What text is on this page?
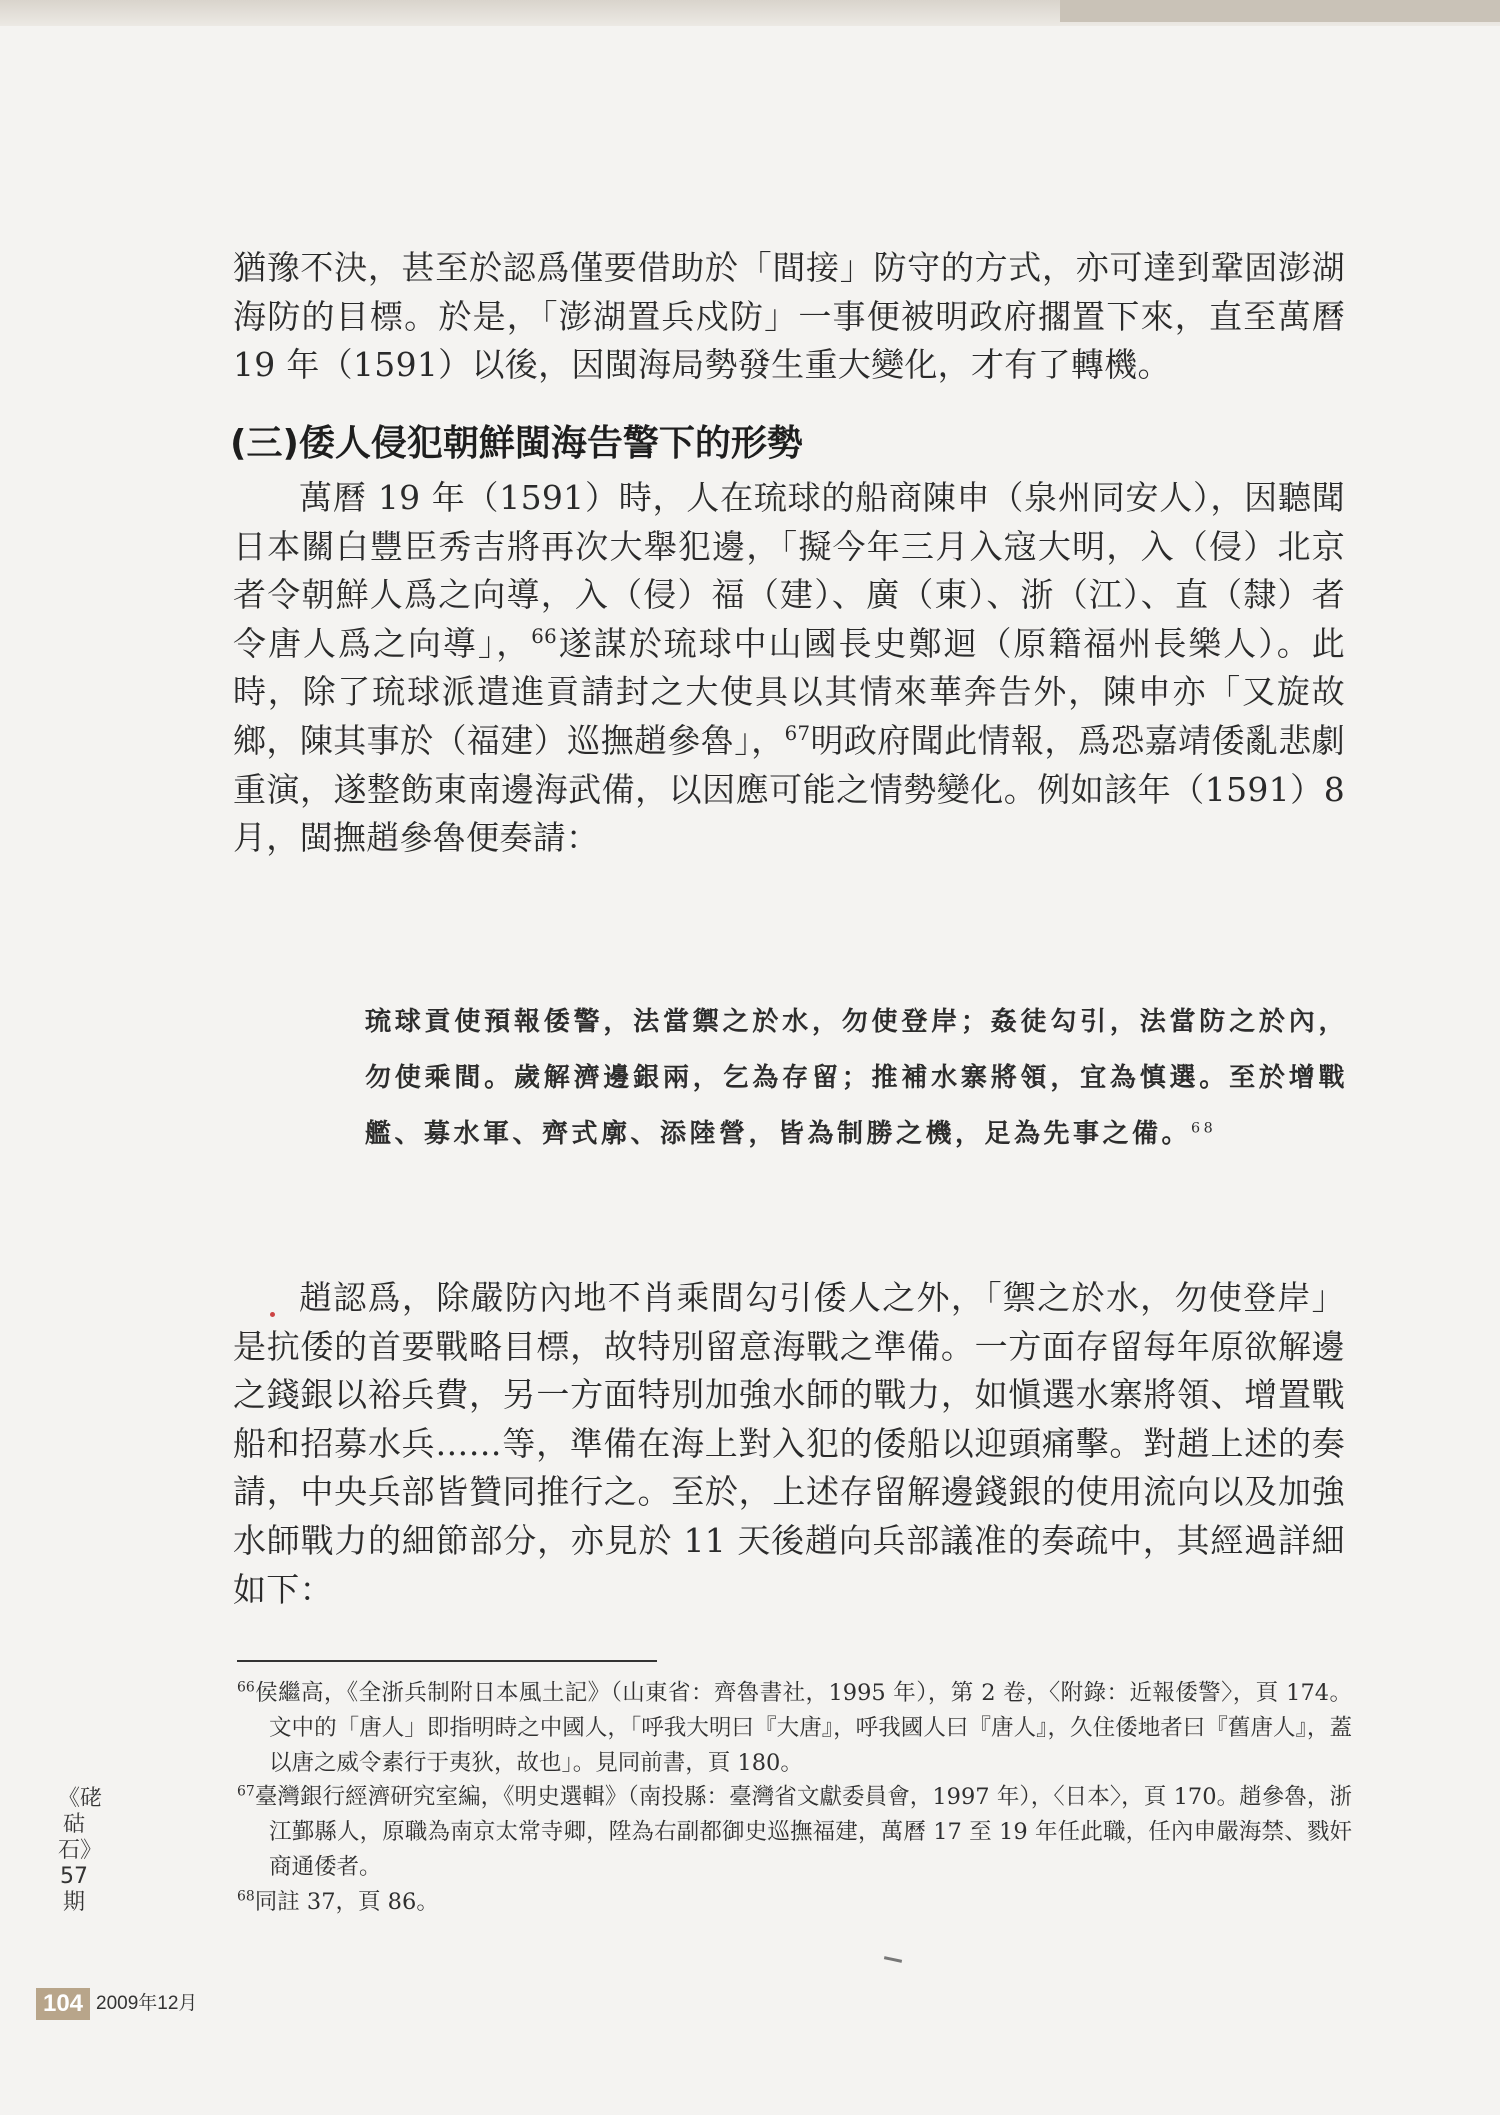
猶豫不決，甚至於認爲僅要借助於「間接」防守的方式，亦可達到鞏固澎湖海防的目標。於是，「澎湖置兵戍防」一事便被明政府擱置下來，直至萬曆 19 年（1591）以後，因閩海局勢發生重大變化，才有了轉機。

(三)倭人侵犯朝鮮閩海告警下的形勢

萬曆 19 年（1591）時，人在琉球的船商陳申（泉州同安人），因聽聞日本關白豐臣秀吉將再次大舉犯邊，「擬今年三月入寇大明，入（侵）北京者令朝鮮人爲之向導，入（侵）福（建）、廣（東）、浙（江）、直（隸）者令唐人爲之向導」，$^{66}$遂謀於琉球中山國長史鄭迴（原籍福州長樂人）。此時，除了琉球派遣進貢請封之大使具以其情來華奔告外，陳申亦「又旋故鄉，陳其事於（福建）巡撫趙參魯」，$^{67}$明政府聞此情報，爲恐嘉靖倭亂悲劇重演，遂整飭東南邊海武備，以因應可能之情勢變化。例如該年（1591）8 月，閩撫趙參魯便奏請：

琉球貢使預報倭警，法當禦之於水，勿使登岸；姦徒勾引，法當防之於內，勿使乘間。歲解濟邊銀兩，乞為存留；推補水寨將領，宜為慎選。至於增戰艦、募水軍、齊式廓、添陸營，皆為制勝之機，足為先事之備。$^{68}$

趙認爲，除嚴防內地不肖乘間勾引倭人之外，「禦之於水，勿使登岸」是抗倭的首要戰略目標，故特別留意海戰之準備。一方面存留每年原欲解邊之錢銀以裕兵費，另一方面特別加強水師的戰力，如愼選水寨將領、增置戰船和招募水兵……等，準備在海上對入犯的倭船以迎頭痛擊。對趙上述的奏請，中央兵部皆贊同推行之。至於，上述存留解邊錢銀的使用流向以及加強水師戰力的細節部分，亦見於 11 天後趙向兵部議准的奏疏中，其經過詳細如下：

$^{66}$侯繼高，《全浙兵制附日本風土記》（山東省：齊魯書社，1995 年），第 2 卷，〈附錄：近報倭警〉，頁 174。文中的「唐人」即指明時之中國人，「呼我大明曰『大唐』，呼我國人曰『唐人』，久住倭地者曰『舊唐人』，蓋以唐之威令素行于夷狄，故也」。見同前書，頁 180。

$^{67}$臺灣銀行經濟研究室編，《明史選輯》（南投縣：臺灣省文獻委員會，1997 年），〈日本〉，頁 170。趙參魯，浙江鄞縣人，原職為南京太常寺卿，陞為右副都御史巡撫福建，萬曆 17 至 19 年任此職，任內申嚴海禁、戮奸商通倭者。

$^{68}$同註 37，頁 86。

《硓𥑮石》57期
104 2009年12月
